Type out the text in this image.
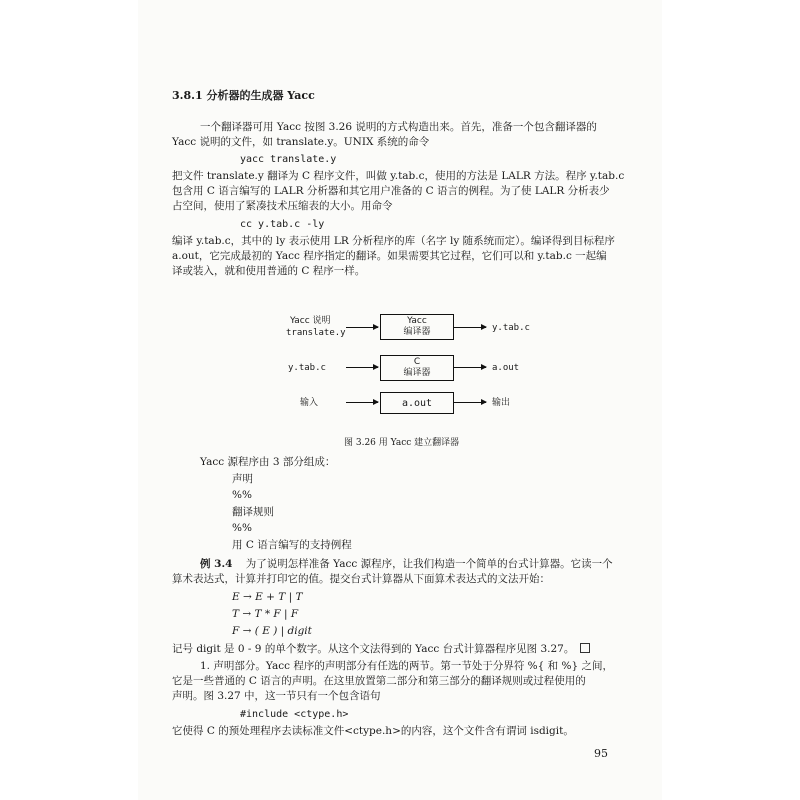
3.8.1 分析器的生成器 Yacc
一个翻译器可用 Yacc 按图 3.26 说明的方式构造出来。首先，准备一个包含翻译器的
Yacc 说明的文件，如 translate.y。UNIX 系统的命令
yacc translate.y
把文件 translate.y 翻译为 C 程序文件，叫做 y.tab.c，使用的方法是 LALR 方法。程序 y.tab.c
包含用 C 语言编写的 LALR 分析器和其它用户准备的 C 语言的例程。为了使 LALR 分析表少
占空间，使用了紧凑技术压缩表的大小。用命令
cc y.tab.c -ly
编译 y.tab.c，其中的 ly 表示使用 LR 分析程序的库（名字 ly 随系统而定）。编译得到目标程序
a.out，它完成最初的 Yacc 程序指定的翻译。如果需要其它过程，它们可以和 y.tab.c 一起编
译或装入，就和使用普通的 C 程序一样。
Yacc 说明
translate.y
Yacc
编译器	y.tab.c
y.tab.c
C
编译器	a.out
输入	a.out	输出
图 3.26 用 Yacc 建立翻译器
Yacc 源程序由 3 部分组成：
声明
%%
翻译规则
%%
用 C 语言编写的支持例程
例 3.4 为了说明怎样准备 Yacc 源程序，让我们构造一个简单的台式计算器。它读一个
算术表达式，计算并打印它的值。提交台式计算器从下面算术表达式的文法开始：
E → E + T | T
T → T * F | F
F → ( E ) | digit
记号 digit 是 0 - 9 的单个数字。从这个文法得到的 Yacc 台式计算器程序见图 3.27。
1. 声明部分。Yacc 程序的声明部分有任选的两节。第一节处于分界符 %{ 和 %} 之间，
它是一些普通的 C 语言的声明。在这里放置第二部分和第三部分的翻译规则或过程使用的
声明。图 3.27 中，这一节只有一个包含语句
#include <ctype.h>
它使得 C 的预处理程序去读标准文件<ctype.h>的内容，这个文件含有谓词 isdigit。
95
